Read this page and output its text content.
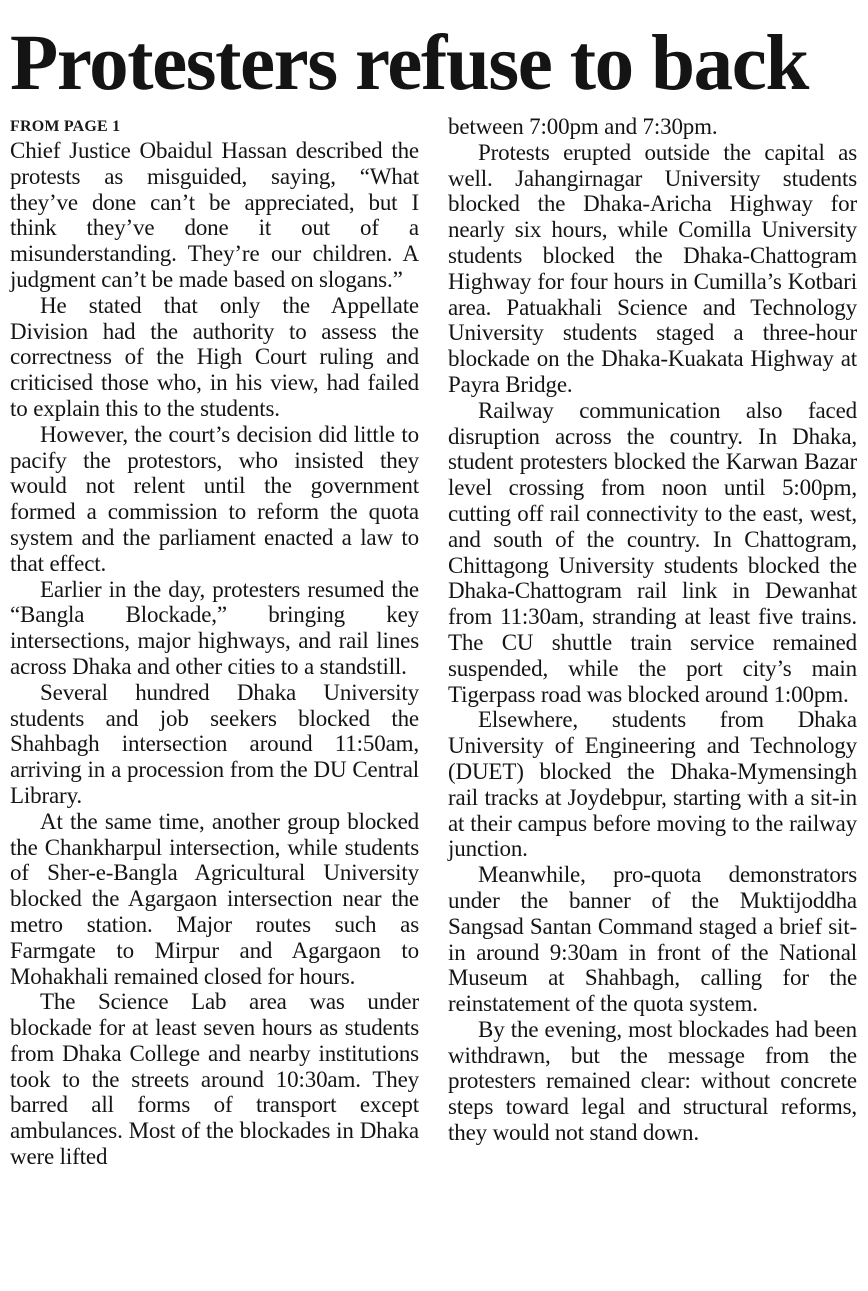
Protesters refuse to back

FROM PAGE 1

Chief Justice Obaidul Hassan described the protests as misguided, saying, “What they’ve done can’t be appreciated, but I think they’ve done it out of a misunderstanding. They’re our children. A judgment can’t be made based on slogans.”

He stated that only the Appellate Division had the authority to assess the correctness of the High Court ruling and criticised those who, in his view, had failed to explain this to the students.

However, the court’s decision did little to pacify the protestors, who insisted they would not relent until the government formed a commission to reform the quota system and the parliament enacted a law to that effect.

Earlier in the day, protesters resumed the “Bangla Blockade,” bringing key intersections, major highways, and rail lines across Dhaka and other cities to a standstill.

Several hundred Dhaka University students and job seekers blocked the Shahbagh intersection around 11:50am, arriving in a procession from the DU Central Library.

At the same time, another group blocked the Chankharpul intersection, while students of Sher-e-Bangla Agricultural University blocked the Agargaon intersection near the metro station. Major routes such as Farmgate to Mirpur and Agargaon to Mohakhali remained closed for hours.

The Science Lab area was under blockade for at least seven hours as students from Dhaka College and nearby institutions took to the streets around 10:30am. They barred all forms of transport except ambulances. Most of the blockades in Dhaka were lifted

between 7:00pm and 7:30pm.

Protests erupted outside the capital as well. Jahangirnagar University students blocked the Dhaka-Aricha Highway for nearly six hours, while Comilla University students blocked the Dhaka-Chattogram Highway for four hours in Cumilla’s Kotbari area. Patuakhali Science and Technology University students staged a three-hour blockade on the Dhaka-Kuakata Highway at Payra Bridge.

Railway communication also faced disruption across the country. In Dhaka, student protesters blocked the Karwan Bazar level crossing from noon until 5:00pm, cutting off rail connectivity to the east, west, and south of the country. In Chattogram, Chittagong University students blocked the Dhaka-Chattogram rail link in Dewanhat from 11:30am, stranding at least five trains. The CU shuttle train service remained suspended, while the port city’s main Tigerpass road was blocked around 1:00pm.

Elsewhere, students from Dhaka University of Engineering and Technology (DUET) blocked the Dhaka-Mymensingh rail tracks at Joydebpur, starting with a sit-in at their campus before moving to the railway junction.

Meanwhile, pro-quota demonstrators under the banner of the Muktijoddha Sangsad Santan Command staged a brief sit-in around 9:30am in front of the National Museum at Shahbagh, calling for the reinstatement of the quota system.

By the evening, most blockades had been withdrawn, but the message from the protesters remained clear: without concrete steps toward legal and structural reforms, they would not stand down.
